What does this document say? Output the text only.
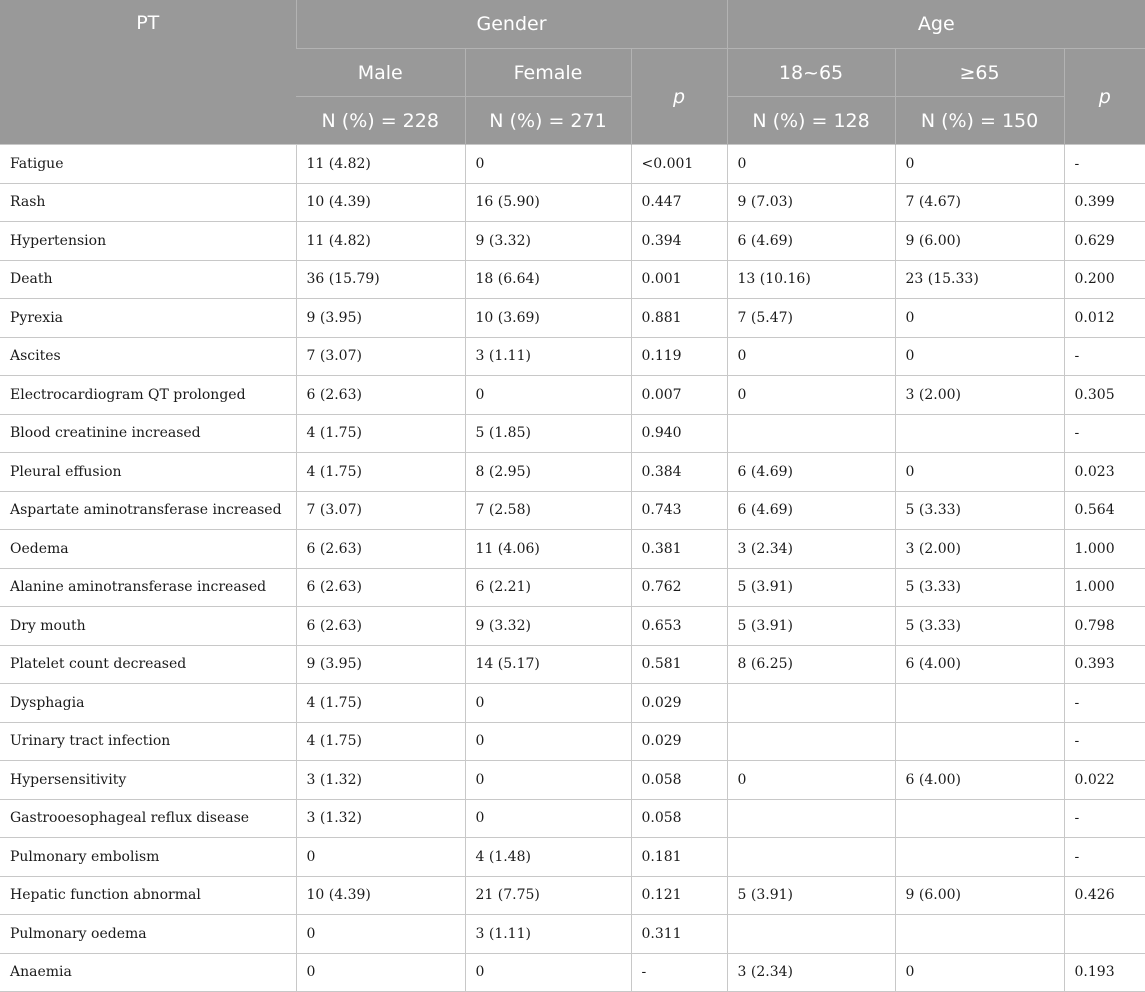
PT	Gender			Age		
	Male	Female	p	18~65	≥65	p
	N (%) = 228	N (%) = 271		N (%) = 128	N (%) = 150	
Fatigue	11 (4.82)	0	<0.001	0	0	-
Rash	10 (4.39)	16 (5.90)	0.447	9 (7.03)	7 (4.67)	0.399
Hypertension	11 (4.82)	9 (3.32)	0.394	6 (4.69)	9 (6.00)	0.629
Death	36 (15.79)	18 (6.64)	0.001	13 (10.16)	23 (15.33)	0.200
Pyrexia	9 (3.95)	10 (3.69)	0.881	7 (5.47)	0	0.012
Ascites	7 (3.07)	3 (1.11)	0.119	0	0	-
Electrocardiogram QT prolonged	6 (2.63)	0	0.007	0	3 (2.00)	0.305
Blood creatinine increased	4 (1.75)	5 (1.85)	0.940			-
Pleural effusion	4 (1.75)	8 (2.95)	0.384	6 (4.69)	0	0.023
Aspartate aminotransferase increased	7 (3.07)	7 (2.58)	0.743	6 (4.69)	5 (3.33)	0.564
Oedema	6 (2.63)	11 (4.06)	0.381	3 (2.34)	3 (2.00)	1.000
Alanine aminotransferase increased	6 (2.63)	6 (2.21)	0.762	5 (3.91)	5 (3.33)	1.000
Dry mouth	6 (2.63)	9 (3.32)	0.653	5 (3.91)	5 (3.33)	0.798
Platelet count decreased	9 (3.95)	14 (5.17)	0.581	8 (6.25)	6 (4.00)	0.393
Dysphagia	4 (1.75)	0	0.029			-
Urinary tract infection	4 (1.75)	0	0.029			-
Hypersensitivity	3 (1.32)	0	0.058	0	6 (4.00)	0.022
Gastrooesophageal reflux disease	3 (1.32)	0	0.058			-
Pulmonary embolism	0	4 (1.48)	0.181			-
Hepatic function abnormal	10 (4.39)	21 (7.75)	0.121	5 (3.91)	9 (6.00)	0.426
Pulmonary oedema	0	3 (1.11)	0.311			
Anaemia	0	0	-	3 (2.34)	0	0.193
